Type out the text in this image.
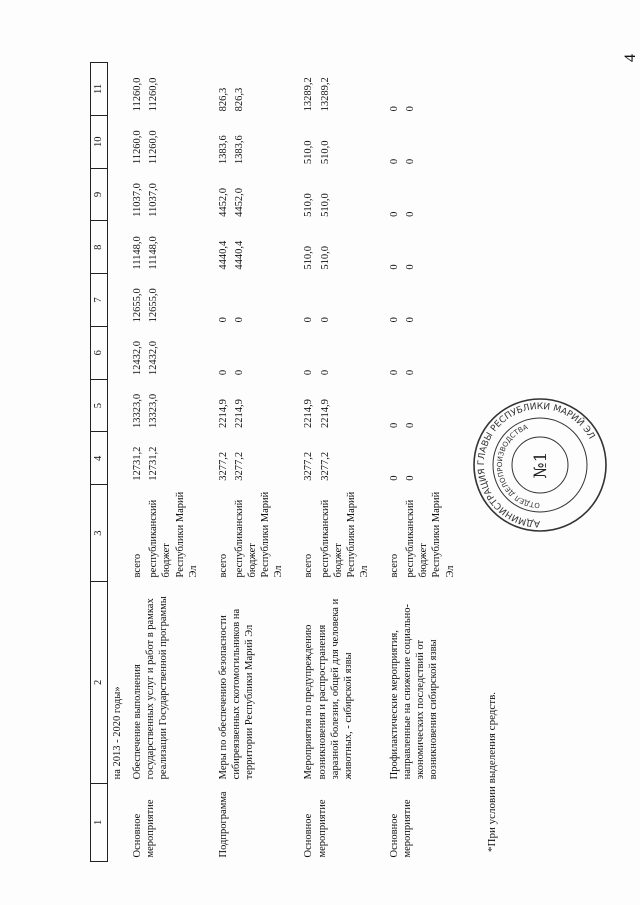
4
1	2	3	4	5	6	7	8	9	10	11
	на 2013 - 2020 годы»									
Основное мероприятие	Обеспечение выполнения государственных услуг и работ в рамках реализации Государственной программы	всего	12731,2	13323,0	12432,0	12655,0	11148,0	11037,0	11260,0	11260,0
		республиканский бюджет Республики Марий Эл	12731,2	13323,0	12432,0	12655,0	11148,0	11037,0	11260,0	11260,0

Подпрограмма	Меры по обеспечению безопасности сибиреязвенных скотомогильников на территории Республики Марий Эл	всего	3277,2	2214,9	0	0	4440,4	4452,0	1383,6	826,3
		республиканский бюджет Республики Марий Эл	3277,2	2214,9	0	0	4440,4	4452,0	1383,6	826,3

Основное мероприятие	Мероприятия по предупреждению возникновения и распространения заразной болезни, общей для человека и животных, - сибирской язвы	всего	3277,2	2214,9	0	0	510,0	510,0	510,0	13289,2
		республиканский бюджет Республики Марий Эл	3277,2	2214,9	0	0	510,0	510,0	510,0	13289,2

Основное мероприятие	Профилактические мероприятия, направленные на снижение социально-экономических последствий от возникновения сибирской язвы	всего	0	0	0	0	0	0	0	0
		республиканский бюджет Республики Марий Эл	0	0	0	0	0	0	0	0
*При условии выделения средств.
АДМИНИСТРАЦИЯ ГЛАВЫ РЕСПУБЛИКИ МАРИЙ ЭЛ
ОТДЕЛ ДЕЛОПРОИЗВОДСТВА
№1
